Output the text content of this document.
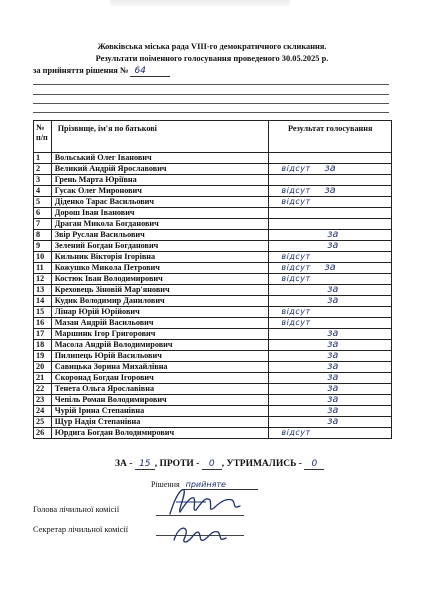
Жовківська міська рада VIII-го демократичного скликання.
Результати поіменного голосування проведеного 30.05.2025 р.
за прийняття рішення № 64
№ п/п	Прізвище, ім'я по батькові	Результат голосування
1	Вольський Олег Іванович	
2	Великий Андрій Ярославович	відсут за
3	Грень Марта Юріївна	
4	Гусак Олег Миронович	відсут за
5	Діденко Тарас Васильович	відсут
6	Дорош Іван Іванович	
7	Драган Микола Богданович	
8	Звір Руслан Васильович	за
9	Зелений Богдан Богданович	за
10	Кильник Вікторія Ігорівна	відсут
11	Кожушко Микола Петрович	відсут за
12	Костюк Іван Володимирович	відсут
13	Креховець Зіновій Мар'янович	за
14	Кудик Володимир Данилович	за
15	Лінар Юрій Юрійович	відсут
16	Мазан Андрій Васильович	відсут
17	Маршинк Ігор Григорович	за
18	Масола Андрій Володимирович	за
19	Пилипець Юрій Васильович	за
20	Савицька Зорина Михайлівна	за
21	Скоронад Богдан Ігорович	за
22	Тенета Ольга Ярославівна	за
23	Чепіль Роман Володимирович	за
24	Чурій Ірина Степанівна	за
25	Щур Надія Степанівна	за
26	Юрдига Богдан Володимирович	відсут
ЗА - 15 , ПРОТИ - 0 , УТРИМАЛИСЬ - 0
Рішення прийняте
Голова лічильної комісії
Секретар лічильної комісії
